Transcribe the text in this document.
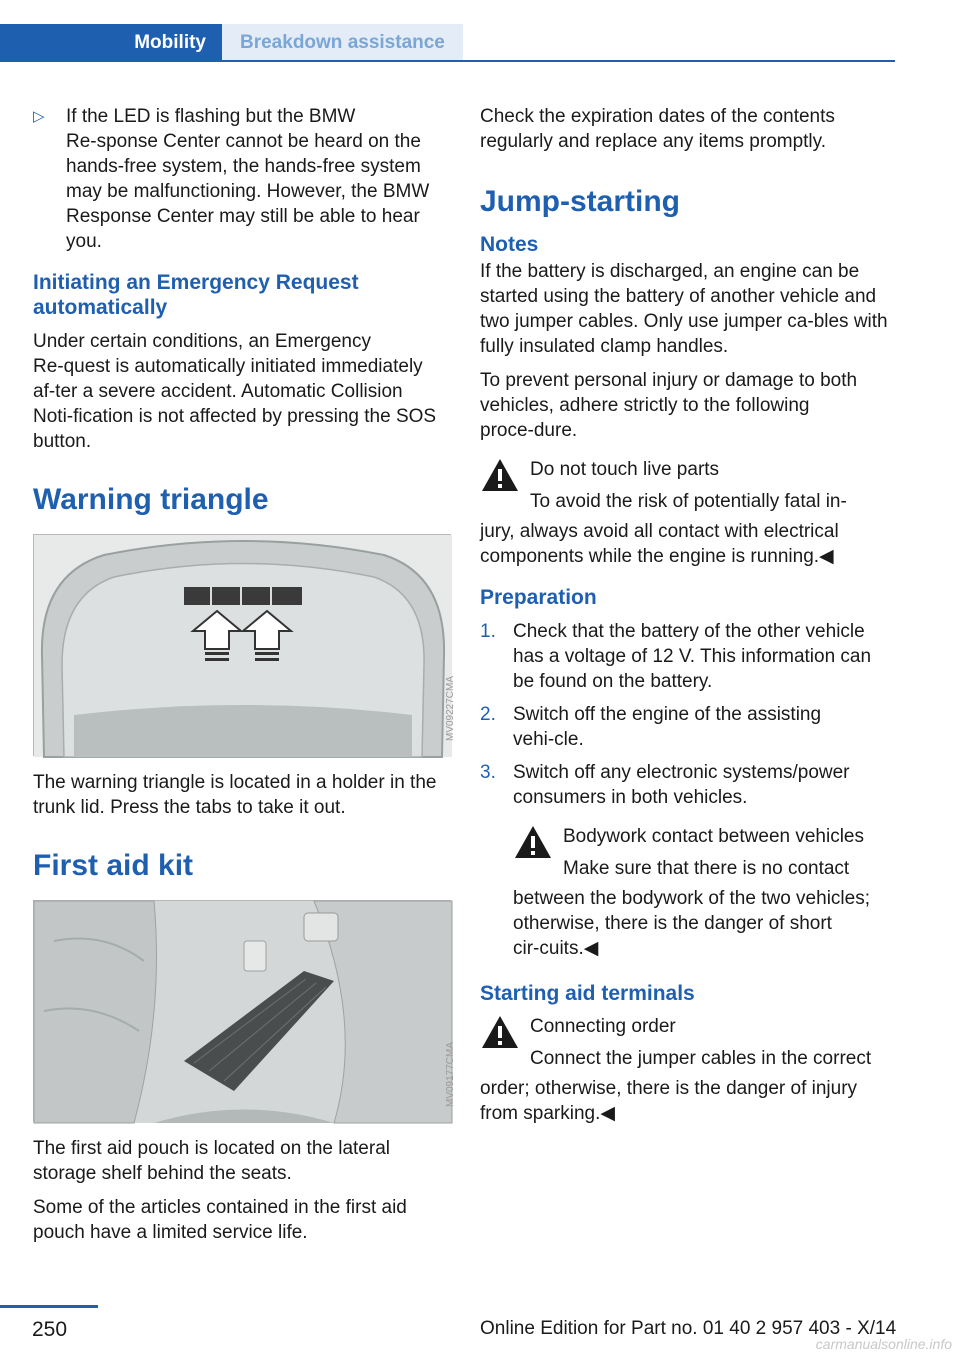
Mobility	Breakdown assistance
▷	If the LED is flashing but the BMW Re‑sponse Center cannot be heard on the hands‑free system, the hands‑free system may be malfunctioning. However, the BMW Response Center may still be able to hear you.
Initiating an Emergency Request automatically

Under certain conditions, an Emergency Re‑quest is automatically initiated immediately af‑ter a severe accident. Automatic Collision Noti‑fication is not affected by pressing the SOS button.

Warning triangle
MV09227CMA

The warning triangle is located in a holder in the trunk lid. Press the tabs to take it out.

First aid kit
MV09177CMA

The first aid pouch is located on the lateral storage shelf behind the seats.

Some of the articles contained in the first aid pouch have a limited service life.

Check the expiration dates of the contents regularly and replace any items promptly.

Jump-starting
Notes

If the battery is discharged, an engine can be started using the battery of another vehicle and two jumper cables. Only use jumper ca‑bles with fully insulated clamp handles.

To prevent personal injury or damage to both vehicles, adhere strictly to the following proce‑dure.

Do not touch live parts

To avoid the risk of potentially fatal in‑

jury, always avoid all contact with electrical components while the engine is running.◀

Preparation
1. Check that the battery of the other vehicle has a voltage of 12 V. This information can be found on the battery.
2. Switch off the engine of the assisting vehi‑cle.
3. Switch off any electronic systems/power consumers in both vehicles.

Bodywork contact between vehicles

Make sure that there is no contact

between the bodywork of the two vehicles; otherwise, there is the danger of short cir‑cuits.◀

Starting aid terminals

Connecting order

Connect the jumper cables in the correct

order; otherwise, there is the danger of injury from sparking.◀

250	Online Edition for Part no. 01 40 2 957 403 - X/14
carmanualsonline.info
